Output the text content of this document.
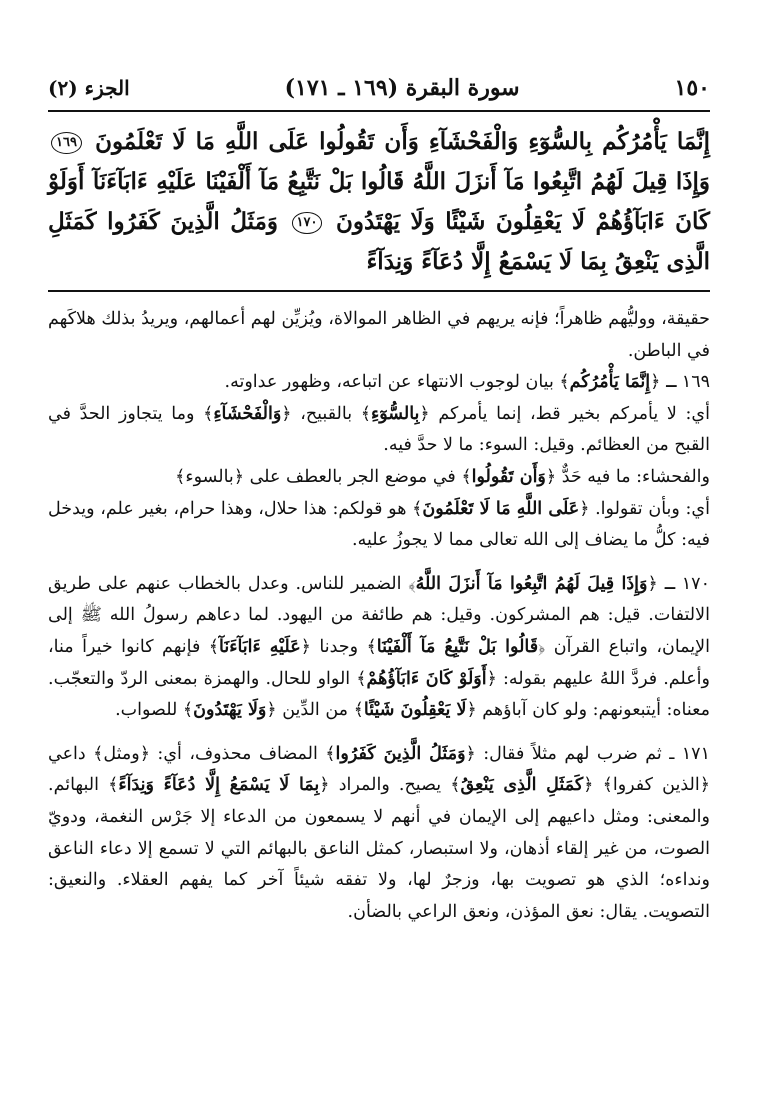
١٥٠
سورة البقرة (١٦٩ ـ ١٧١)
الجزء (٢)
إِنَّمَا يَأْمُرُكُم بِالسُّوٓءِ وَالْفَحْشَآءِ وَأَن تَقُولُوا عَلَى اللَّهِ مَا لَا تَعْلَمُونَ ١٦٩ وَإِذَا قِيلَ لَهُمُ اتَّبِعُوا مَآ أَنزَلَ اللَّهُ قَالُوا بَلْ نَتَّبِعُ مَآ أَلْفَيْنَا عَلَيْهِ ءَابَآءَنَآ أَوَلَوْ كَانَ ءَابَآؤُهُمْ لَا يَعْقِلُونَ شَيْئًا وَلَا يَهْتَدُونَ ١٧٠ وَمَثَلُ الَّذِينَ كَفَرُوا كَمَثَلِ الَّذِى يَنْعِقُ بِمَا لَا يَسْمَعُ إِلَّا دُعَآءً وَنِدَآءً

حقيقة، ووليُّهم ظاهراً؛ فإنه يريهم في الظاهر الموالاة، ويُزيِّن لهم أعمالهم، ويريدُ بذلك هلاكَهم في الباطن.

١٦٩ ـ ﴿إِنَّمَا يَأْمُرُكُم﴾ بيان لوجوب الانتهاء عن اتباعه، وظهور عداوته.

أي: لا يأمركم بخير قط، إنما يأمركم ﴿بِالسُّوٓءِ﴾ بالقبيح، ﴿وَالْفَحْشَآءِ﴾ وما يتجاوز الحدَّ في القبح من العظائم. وقيل: السوء: ما لا حدَّ فيه.

والفحشاء: ما فيه حَدٌّ ﴿وَأَن تَقُولُوا﴾ في موضع الجر بالعطف على ﴿بالسوء﴾

أي: وبأن تقولوا. ﴿عَلَى اللَّهِ مَا لَا تَعْلَمُونَ﴾ هو قولكم: هذا حلال، وهذا حرام، بغير علم، ويدخل فيه: كلُّ ما يضاف إلى الله تعالى مما لا يجوزُ عليه.

١٧٠ ـ ﴿وَإِذَا قِيلَ لَهُمُ اتَّبِعُوا مَآ أَنزَلَ اللَّهُ﴾ الضمير للناس. وعدل بالخطاب عنهم على طريق الالتفات. قيل: هم المشركون. وقيل: هم طائفة من اليهود. لما دعاهم رسولُ الله ﷺ إلى الإيمان، واتباع القرآن ﴿قَالُوا بَلْ نَتَّبِعُ مَآ أَلْفَيْنَا﴾ وجدنا ﴿عَلَيْهِ ءَابَآءَنَآ﴾ فإنهم كانوا خيراً منا، وأعلم. فردَّ اللهُ عليهم بقوله: ﴿أَوَلَوْ كَانَ ءَابَآؤُهُمْ﴾ الواو للحال. والهمزة بمعنى الردّ والتعجّب. معناه: أيتبعونهم: ولو كان آباؤهم ﴿لَا يَعْقِلُونَ شَيْئًا﴾ من الدِّين ﴿وَلَا يَهْتَدُونَ﴾ للصواب.

١٧١ ـ ثم ضرب لهم مثلاً فقال: ﴿وَمَثَلُ الَّذِينَ كَفَرُوا﴾ المضاف محذوف، أي: ﴿ومثل﴾ داعي ﴿الذين كفروا﴾ ﴿كَمَثَلِ الَّذِى يَنْعِقُ﴾ يصيح. والمراد ﴿بِمَا لَا يَسْمَعُ إِلَّا دُعَآءً وَنِدَآءً﴾ البهائم. والمعنى: ومثل داعيهم إلى الإيمان في أنهم لا يسمعون من الدعاء إلا جَرْس النغمة، ودويّ الصوت، من غير إلقاء أذهان، ولا استبصار، كمثل الناعق بالبهائم التي لا تسمع إلا دعاء الناعق ونداءه؛ الذي هو تصويت بها، وزجرٌ لها، ولا تفقه شيئاً آخر كما يفهم العقلاء. والنعيق: التصويت. يقال: نعق المؤذن، ونعق الراعي بالضأن.
